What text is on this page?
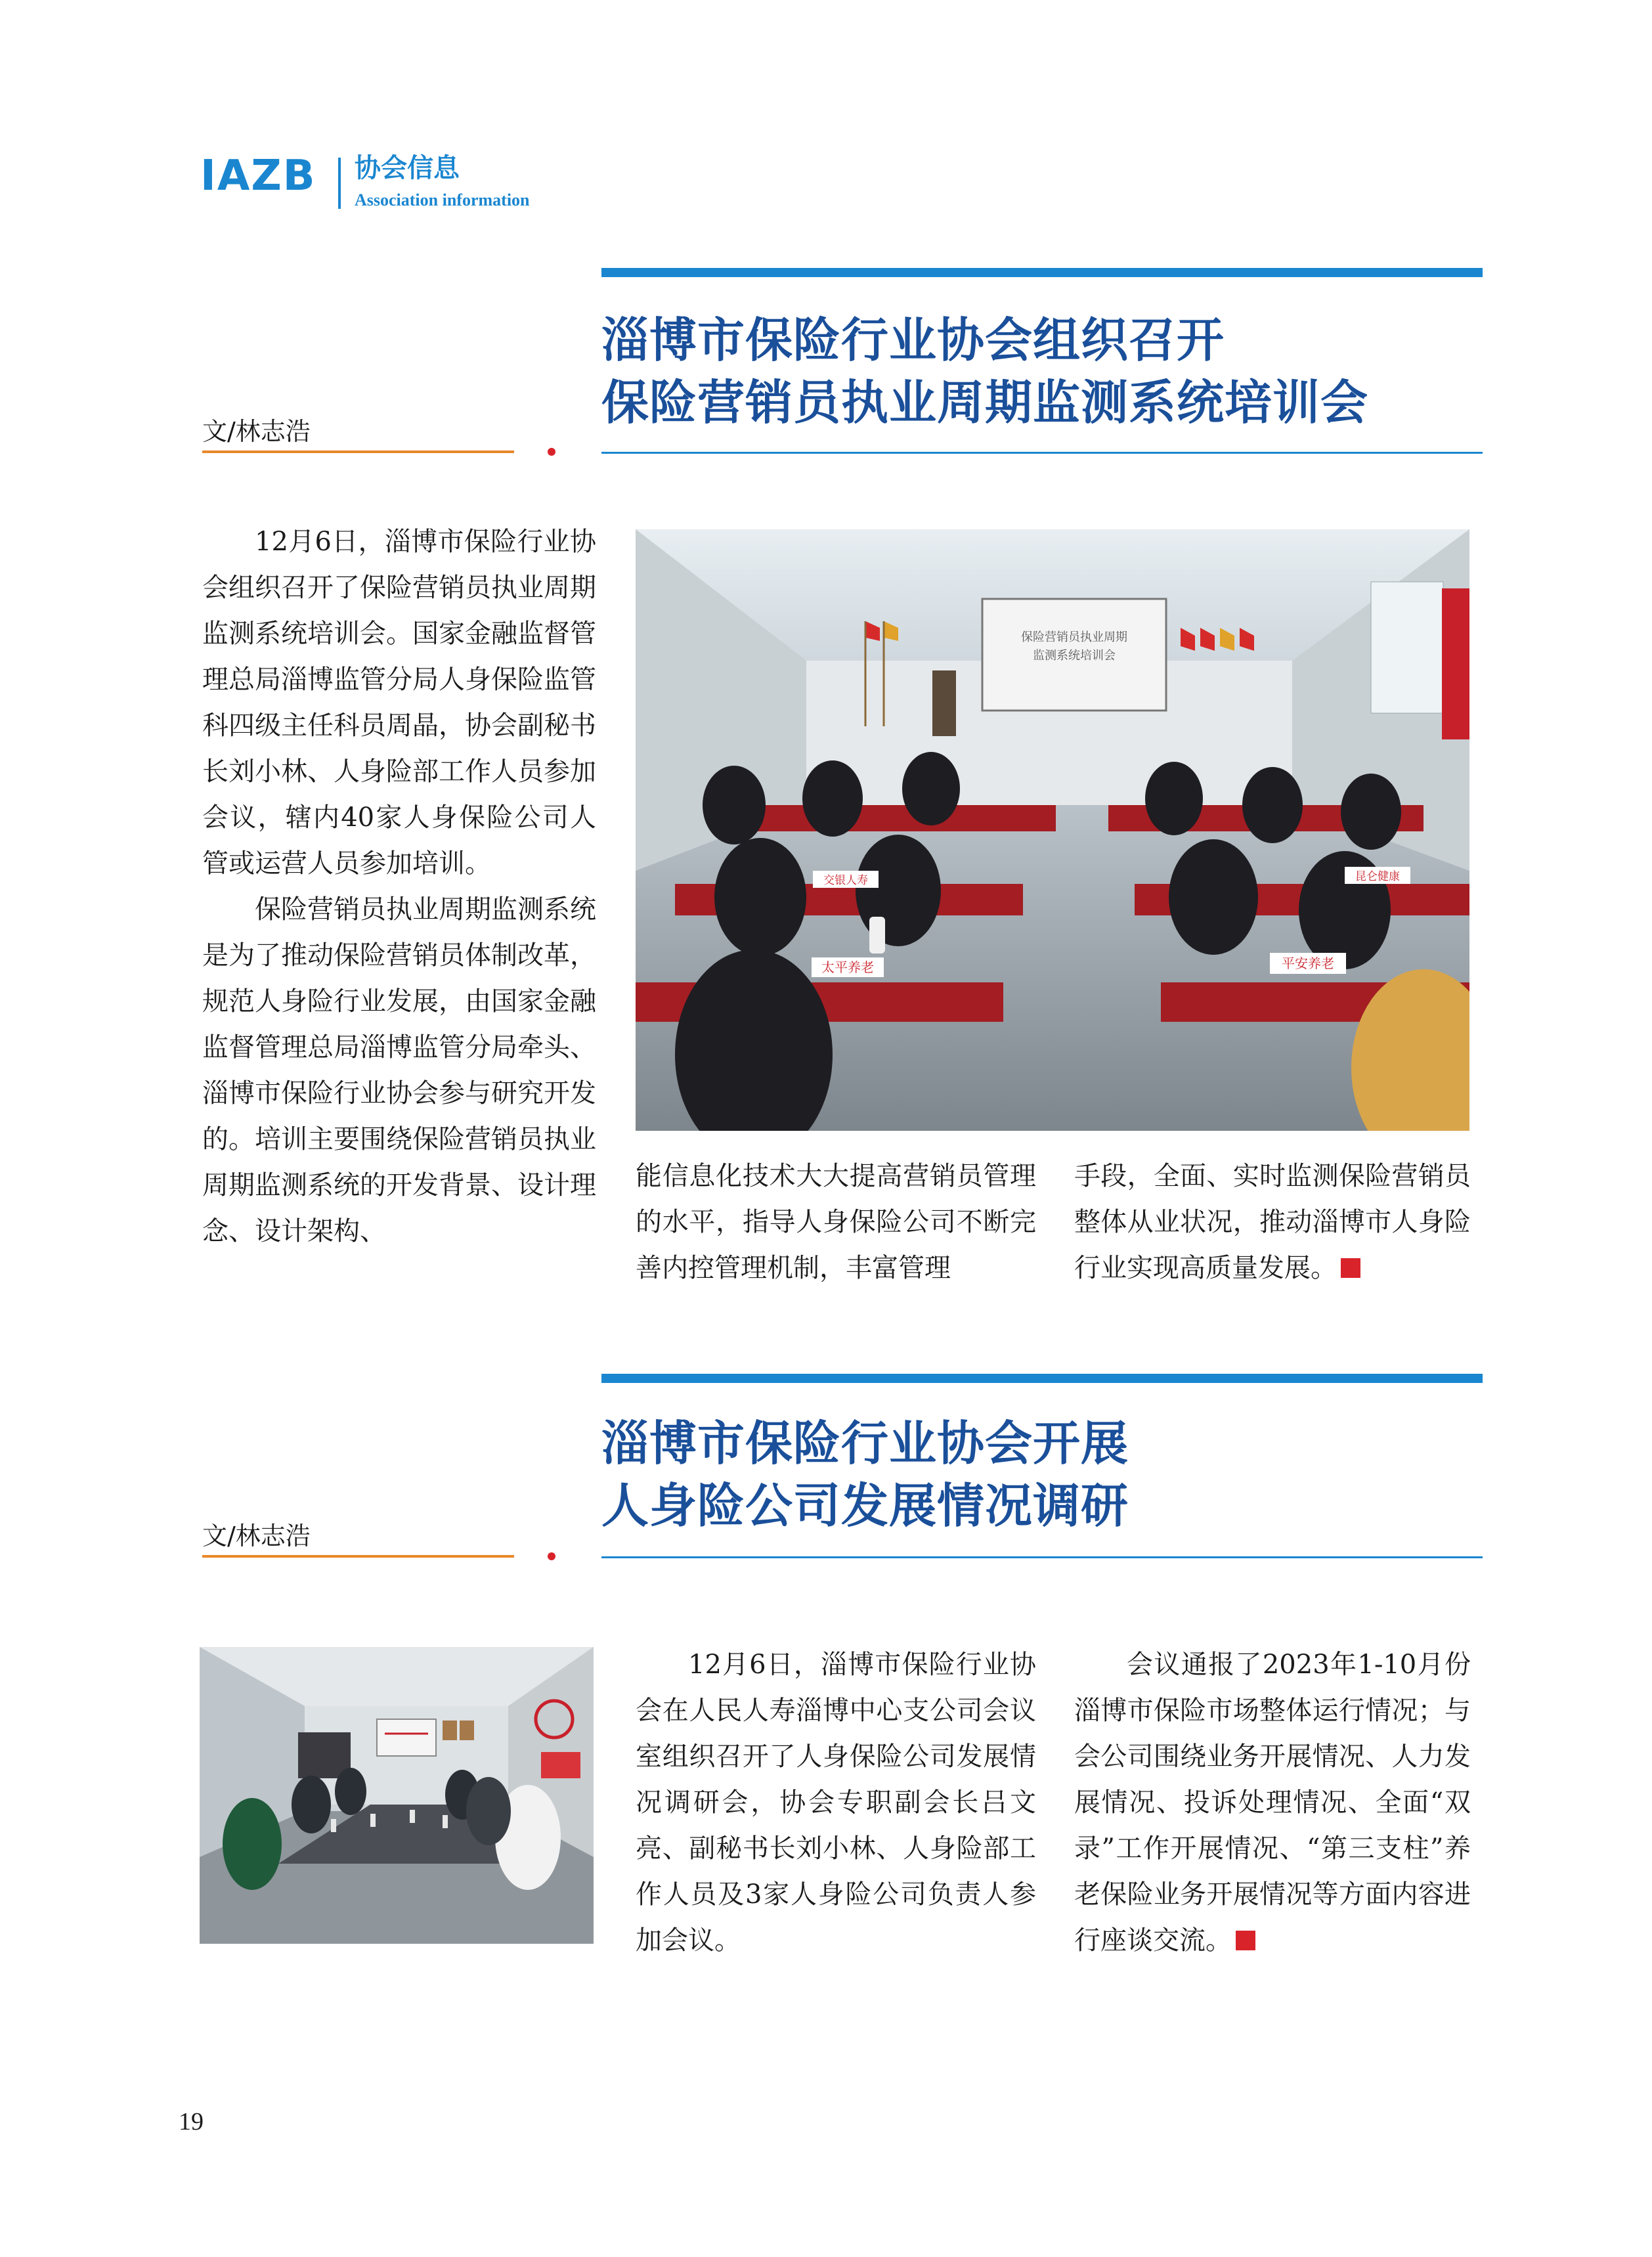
IAZB 协会信息
Association information
淄博市保险行业协会组织召开
保险营销员执业周期监测系统培训会
文/林志浩

12月6日，淄博市保险行业协会组织召开了保险营销员执业周期监测系统培训会。国家金融监督管理总局淄博监管分局人身保险监管科四级主任科员周晶，协会副秘书长刘小林、人身险部工作人员参加会议，辖内40家人身保险公司人管或运营人员参加培训。

保险营销员执业周期监测系统是为了推动保险营销员体制改革，规范人身险行业发展，由国家金融监督管理总局淄博监管分局牵头、淄博市保险行业协会参与研究开发的。培训主要围绕保险营销员执业周期监测系统的开发背景、设计理念、设计架构、

保险营销员执业周期
监测系统培训会
交银人寿	昆仑健康
太平养老	平安养老

能信息化技术大大提高营销员管理的水平，指导人身保险公司不断完善内控管理机制，丰富管理

手段，全面、实时监测保险营销员整体从业状况，推动淄博市人身险行业实现高质量发展。

淄博市保险行业协会开展
人身险公司发展情况调研
文/林志浩

12月6日，淄博市保险行业协会在人民人寿淄博中心支公司会议室组织召开了人身保险公司发展情况调研会，协会专职副会长吕文亮、副秘书长刘小林、人身险部工作人员及3家人身险公司负责人参加会议。

会议通报了2023年1-10月份淄博市保险市场整体运行情况；与会公司围绕业务开展情况、人力发展情况、投诉处理情况、全面“双录”工作开展情况、“第三支柱”养老保险业务开展情况等方面内容进行座谈交流。

19
